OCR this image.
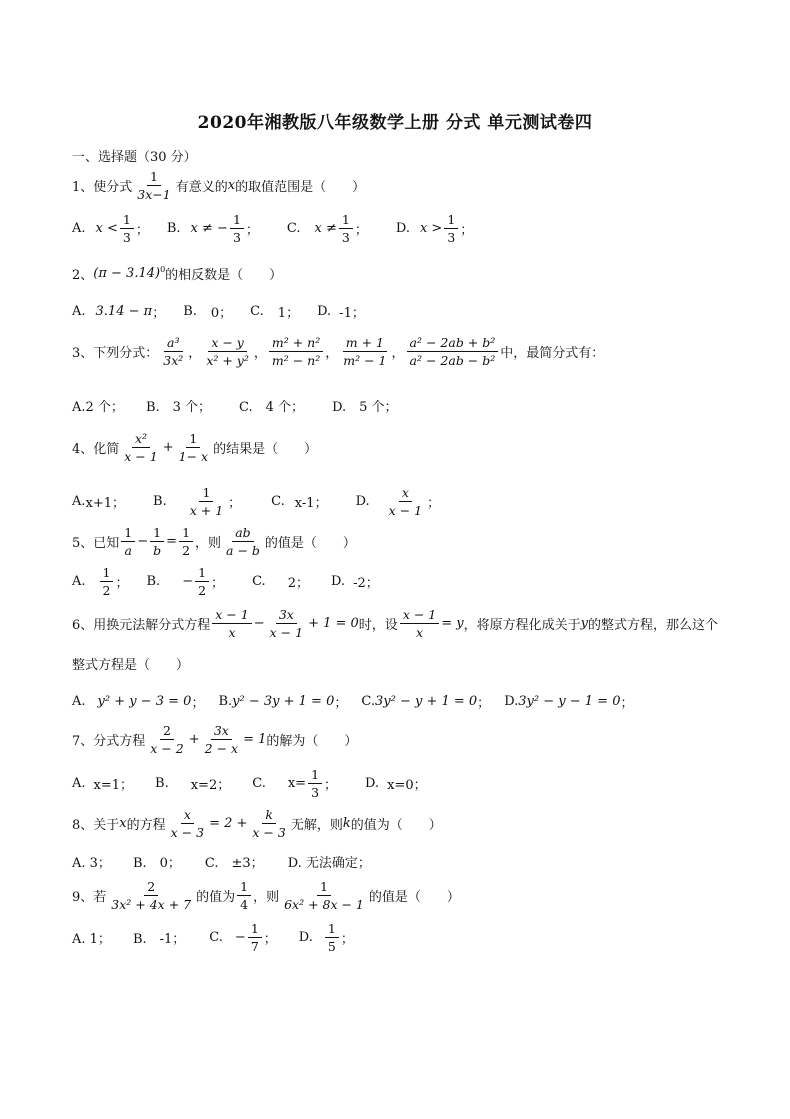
2020年湘教版八年级数学上册 分式 单元测试卷四
一、选择题（30 分）
1、使分式 $\frac{1}{3x-1}$ 有意义的 x 的取值范围是（　　）
A. $x < \frac{1}{3}$ ； B. x ≠ − $\frac{1}{3}$ ； C. $x \ne \frac{1}{3}$ ； D. $x > \frac{1}{3}$ ；
2、 $(\pi - 3.14)^0$ 的相反数是（　　）
A. 3.14 − π ； B. 0； C. 1； D. -1；
3、下列分式： $\frac{\text{a³}}{\text{3x²}}$ ， $\frac{x - y}{\text{x² + y²}}$ ， $\frac{\text{m² + n²}}{\text{m² − n²}}$ ， $\frac{m + 1}{\text{m² − 1}}$ ， $\frac{\text{a² − 2ab + b²}}{\text{a² − 2ab − b²}}$ 中，最简分式有：
A.2 个； B.　3 个； C.　4 个； D.　5 个；
4、化简 $\frac{\text{x²}}{x - 1} + \frac{1}{1- x}$ 的结果是（　　）
A. x+1； B. $\frac{1}{x + 1}$ ； C. x-1； D. $\frac{x}{x - 1}$ ；
5、已知 $\frac{1}{a} - \frac{1}{b} = \frac{1}{2}$ ，则 $\frac{ab}{a - b}$ 的值是（　　）
A. $\frac{1}{2}$ ； B. − $\frac{1}{2}$ ； C. 2； D. -2；
6、用换元法解分式方程 $\frac{x - 1}{x} - \frac{3x}{x - 1} + 1 = 0$ 时，设 $\frac{x - 1}{x} = y$ ，将原方程化成关于 y 的整式方程，那么这个
整式方程是（　　）
A. y² + y − 3 = 0 ； B. y² − 3y + 1 = 0 ； C. 3y² − y + 1 = 0 ； D. 3y² − y − 1 = 0 ；
7、分式方程 $\frac{2}{x - 2} + \frac{3x}{2 - x} = 1$ 的解为（　　）
A. x=1； B. x=2； C. $x= \frac{1}{3}$ ； D. x=0；
8、关于 x 的方程 $\frac{x}{x - 3} = 2 + \frac{k}{x - 3}$ 无解，则 k 的值为（　　）
A. 3； B.　0； C.　±3； D. 无法确定；
9、若 $\frac{2}{\text{3x² + 4x + 7}}$ 的值为 $\frac{1}{4}$ ，则 $\frac{1}{\text{6x² + 8x − 1}}$ 的值是（　　）
A. 1； B.　-1； C. − $\frac{1}{7}$ ； D. $\frac{1}{5}$ ；
